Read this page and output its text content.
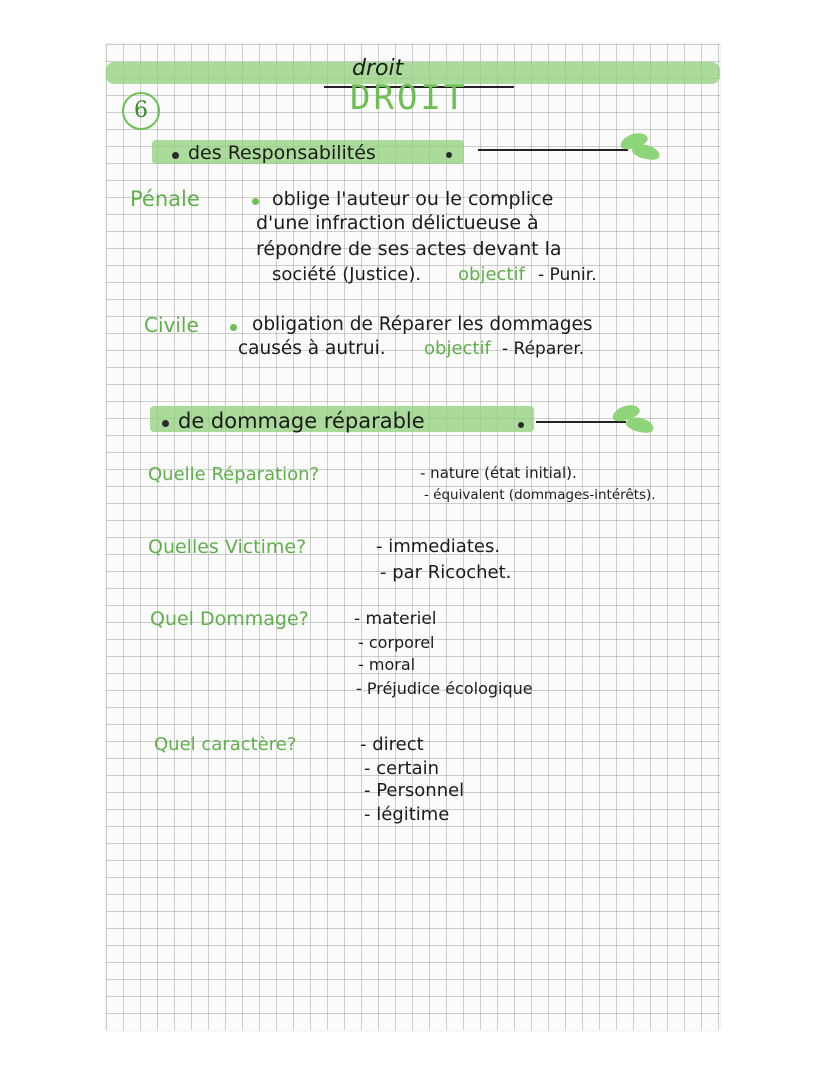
6
droit
DROIT
des Responsabilités
Pénale	oblige l'auteur ou le complice
d'une infraction délictueuse à
répondre de ses actes devant la
société (Justice). objectif - Punir.
Civile	obligation de Réparer les dommages
causés à autrui. objectif - Réparer.
de dommage réparable
Quelle Réparation?	- nature (état initial).
- équivalent (dommages-intérêts).
Quelles Victime?	- immediates.
- par Ricochet.
Quel Dommage?	- materiel
- corporel
- moral
- Préjudice écologique
Quel caractère?	- direct
- certain
- Personnel
- légitime
